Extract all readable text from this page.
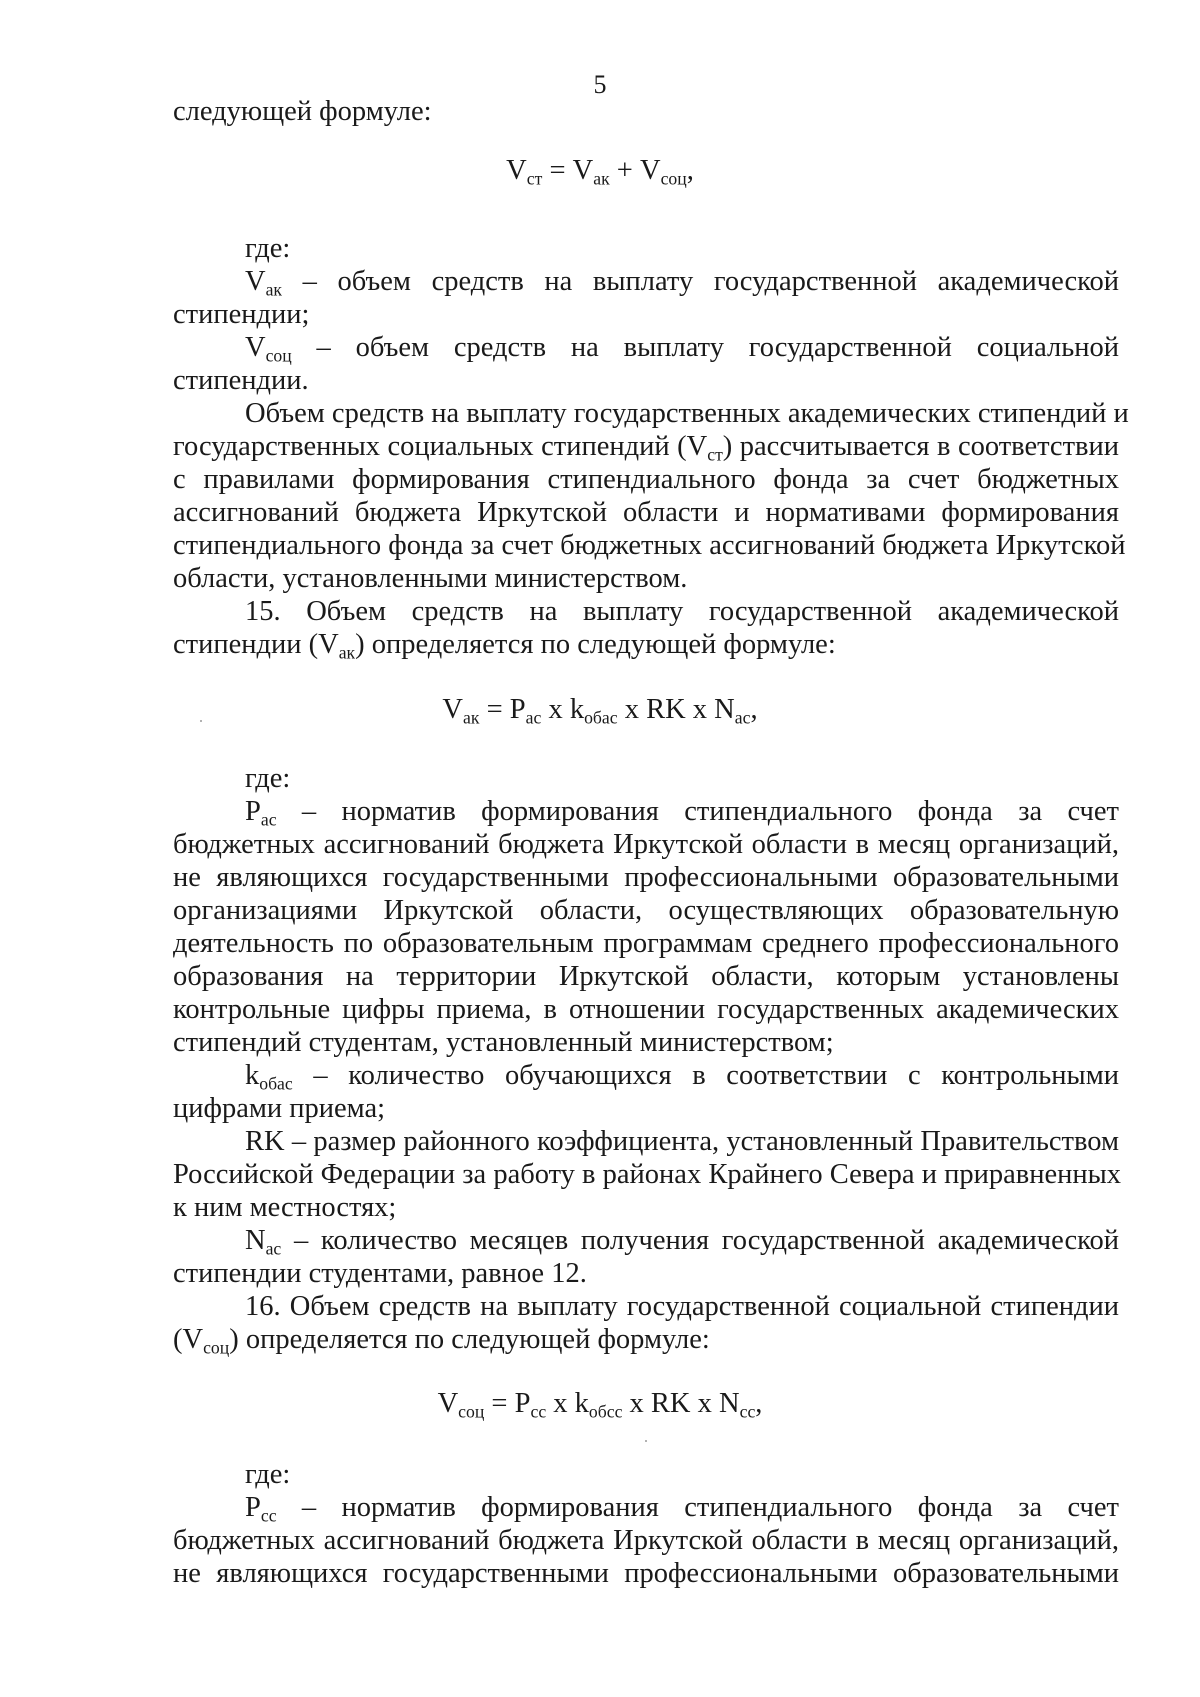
5
следующей формуле:
$V_{ст} = V_{ак} + V_{соц}$,
где:
$V_{ак}$ – объем средств на выплату государственной академической
стипендии;
$V_{соц}$ – объем средств на выплату государственной социальной
стипендии.
Объем средств на выплату государственных академических стипендий и
государственных социальных стипендий $(V_{ст})$ рассчитывается в соответствии
с правилами формирования стипендиального фонда за счет бюджетных
ассигнований бюджета Иркутской области и нормативами формирования
стипендиального фонда за счет бюджетных ассигнований бюджета Иркутской
области, установленными министерством.
15. Объем средств на выплату государственной академической
стипендии $(V_{ак})$ определяется по следующей формуле:
$V_{ак} = P_{ас}$ x $k_{обас}$ x RK x $N_{ас}$,
где:
$P_{ас}$ – норматив формирования стипендиального фонда за счет
бюджетных ассигнований бюджета Иркутской области в месяц организаций,
не являющихся государственными профессиональными образовательными
организациями Иркутской области, осуществляющих образовательную
деятельность по образовательным программам среднего профессионального
образования на территории Иркутской области, которым установлены
контрольные цифры приема, в отношении государственных академических
стипендий студентам, установленный министерством;
$k_{обас}$ – количество обучающихся в соответствии с контрольными
цифрами приема;
RK – размер районного коэффициента, установленный Правительством
Российской Федерации за работу в районах Крайнего Севера и приравненных
к ним местностях;
$N_{ас}$ – количество месяцев получения государственной академической
стипендии студентами, равное 12.
16. Объем средств на выплату государственной социальной стипендии
$(V_{соц})$ определяется по следующей формуле:
$V_{соц} = P_{сс}$ x $k_{обсс}$ x RK x $N_{сс}$,
где:
$P_{сс}$ – норматив формирования стипендиального фонда за счет
бюджетных ассигнований бюджета Иркутской области в месяц организаций,
не являющихся государственными профессиональными образовательными
